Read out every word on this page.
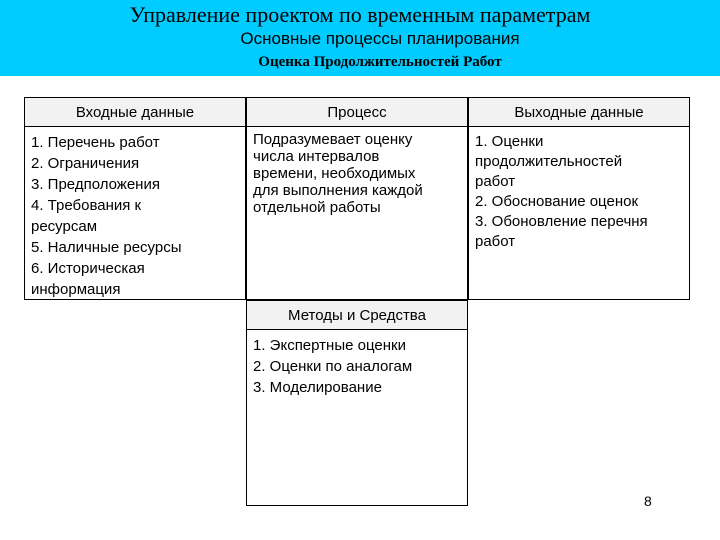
Управление проектом по временным параметрам
Основные процессы планирования
Оценка Продолжительностей Работ
Входные данные
1. Перечень работ
2. Ограничения
3. Предположения
4. Требования к
ресурсам
5. Наличные ресурсы
6. Историческая
информация
Процесс
Подразумевает оценку
числа интервалов
времени, необходимых
для выполнения каждой
отдельной работы
Выходные данные
1. Оценки
продолжительностей
работ
2. Обоснование оценок
3. Обоновление перечня
работ
Методы и Средства
1. Экспертные оценки
2. Оценки по аналогам
3. Моделирование
8
